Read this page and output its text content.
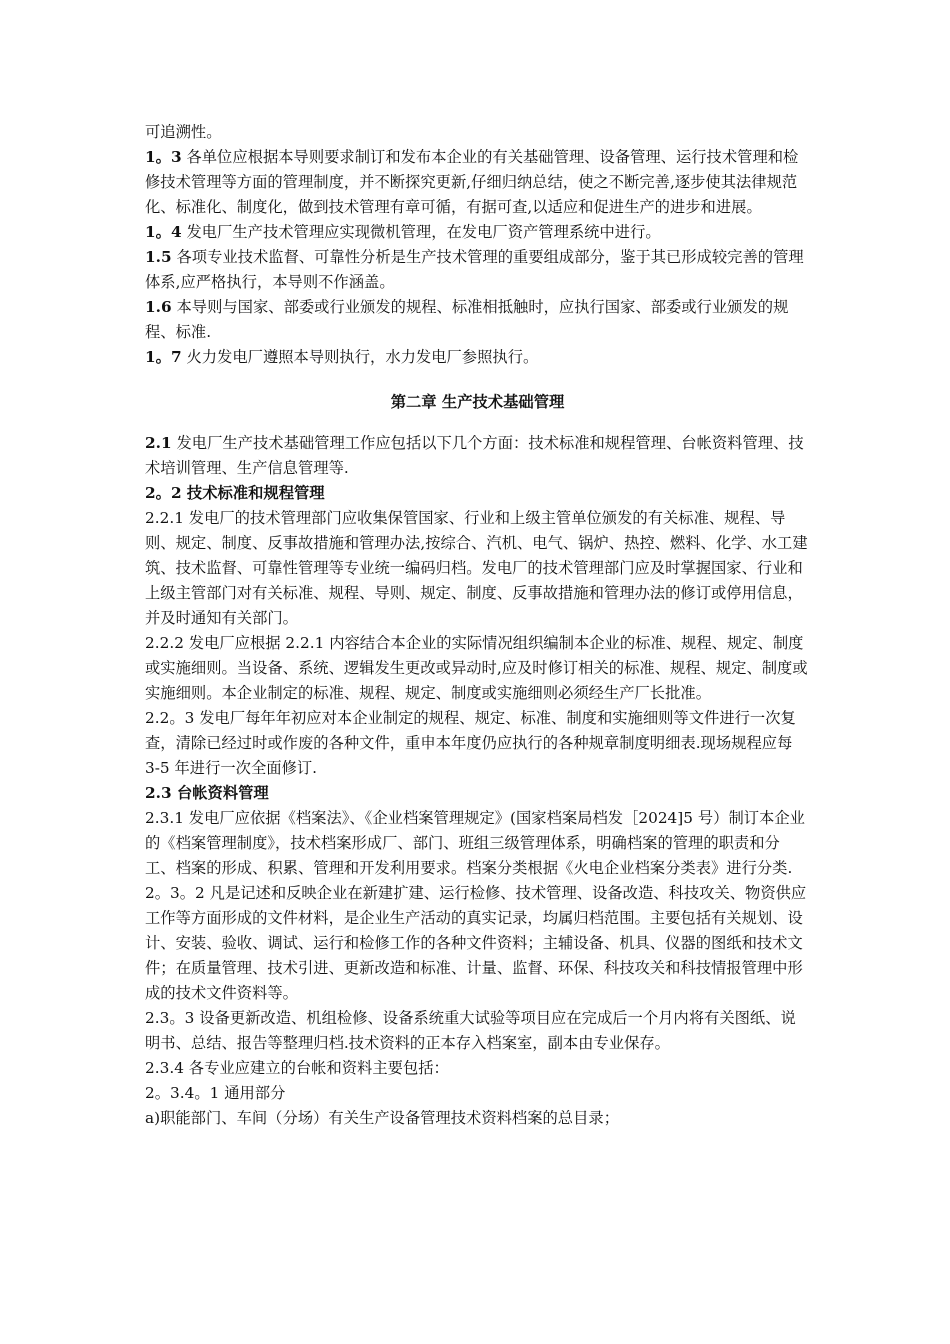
可追溯性。

1。3 各单位应根据本导则要求制订和发布本企业的有关基础管理、设备管理、运行技术管理和检修技术管理等方面的管理制度，并不断探究更新,仔细归纳总结，使之不断完善,逐步使其法律规范化、标准化、制度化，做到技术管理有章可循，有据可查,以适应和促进生产的进步和进展。

1。4 发电厂生产技术管理应实现微机管理，在发电厂资产管理系统中进行。

1.5 各项专业技术监督、可靠性分析是生产技术管理的重要组成部分，鉴于其已形成较完善的管理体系,应严格执行，本导则不作涵盖。

1.6 本导则与国家、部委或行业颁发的规程、标准相抵触时，应执行国家、部委或行业颁发的规程、标准.

1。7 火力发电厂遵照本导则执行，水力发电厂参照执行。

第二章 生产技术基础管理

2.1 发电厂生产技术基础管理工作应包括以下几个方面：技术标准和规程管理、台帐资料管理、技术培训管理、生产信息管理等.

2。2 技术标准和规程管理

2.2.1 发电厂的技术管理部门应收集保管国家、行业和上级主管单位颁发的有关标准、规程、导则、规定、制度、反事故措施和管理办法,按综合、汽机、电气、锅炉、热控、燃料、化学、水工建筑、技术监督、可靠性管理等专业统一编码归档。发电厂的技术管理部门应及时掌握国家、行业和上级主管部门对有关标准、规程、导则、规定、制度、反事故措施和管理办法的修订或停用信息，并及时通知有关部门。

2.2.2 发电厂应根据 2.2.1 内容结合本企业的实际情况组织编制本企业的标准、规程、规定、制度或实施细则。当设备、系统、逻辑发生更改或异动时,应及时修订相关的标准、规程、规定、制度或实施细则。本企业制定的标准、规程、规定、制度或实施细则必须经生产厂长批准。

2.2。3 发电厂每年年初应对本企业制定的规程、规定、标准、制度和实施细则等文件进行一次复查，清除已经过时或作废的各种文件，重申本年度仍应执行的各种规章制度明细表.现场规程应每 3-5 年进行一次全面修订.

2.3 台帐资料管理

2.3.1 发电厂应依据《档案法》、《企业档案管理规定》(国家档案局档发［2024]5 号）制订本企业的《档案管理制度》，技术档案形成厂、部门、班组三级管理体系，明确档案的管理的职责和分工、档案的形成、积累、管理和开发利用要求。档案分类根据《火电企业档案分类表》进行分类.

2。3。2 凡是记述和反映企业在新建扩建、运行检修、技术管理、设备改造、科技攻关、物资供应工作等方面形成的文件材料，是企业生产活动的真实记录，均属归档范围。主要包括有关规划、设计、安装、验收、调试、运行和检修工作的各种文件资料；主辅设备、机具、仪器的图纸和技术文件；在质量管理、技术引进、更新改造和标准、计量、监督、环保、科技攻关和科技情报管理中形成的技术文件资料等。

2.3。3 设备更新改造、机组检修、设备系统重大试验等项目应在完成后一个月内将有关图纸、说明书、总结、报告等整理归档.技术资料的正本存入档案室，副本由专业保存。

2.3.4 各专业应建立的台帐和资料主要包括：

2。3.4。1 通用部分

a)职能部门、车间（分场）有关生产设备管理技术资料档案的总目录；
